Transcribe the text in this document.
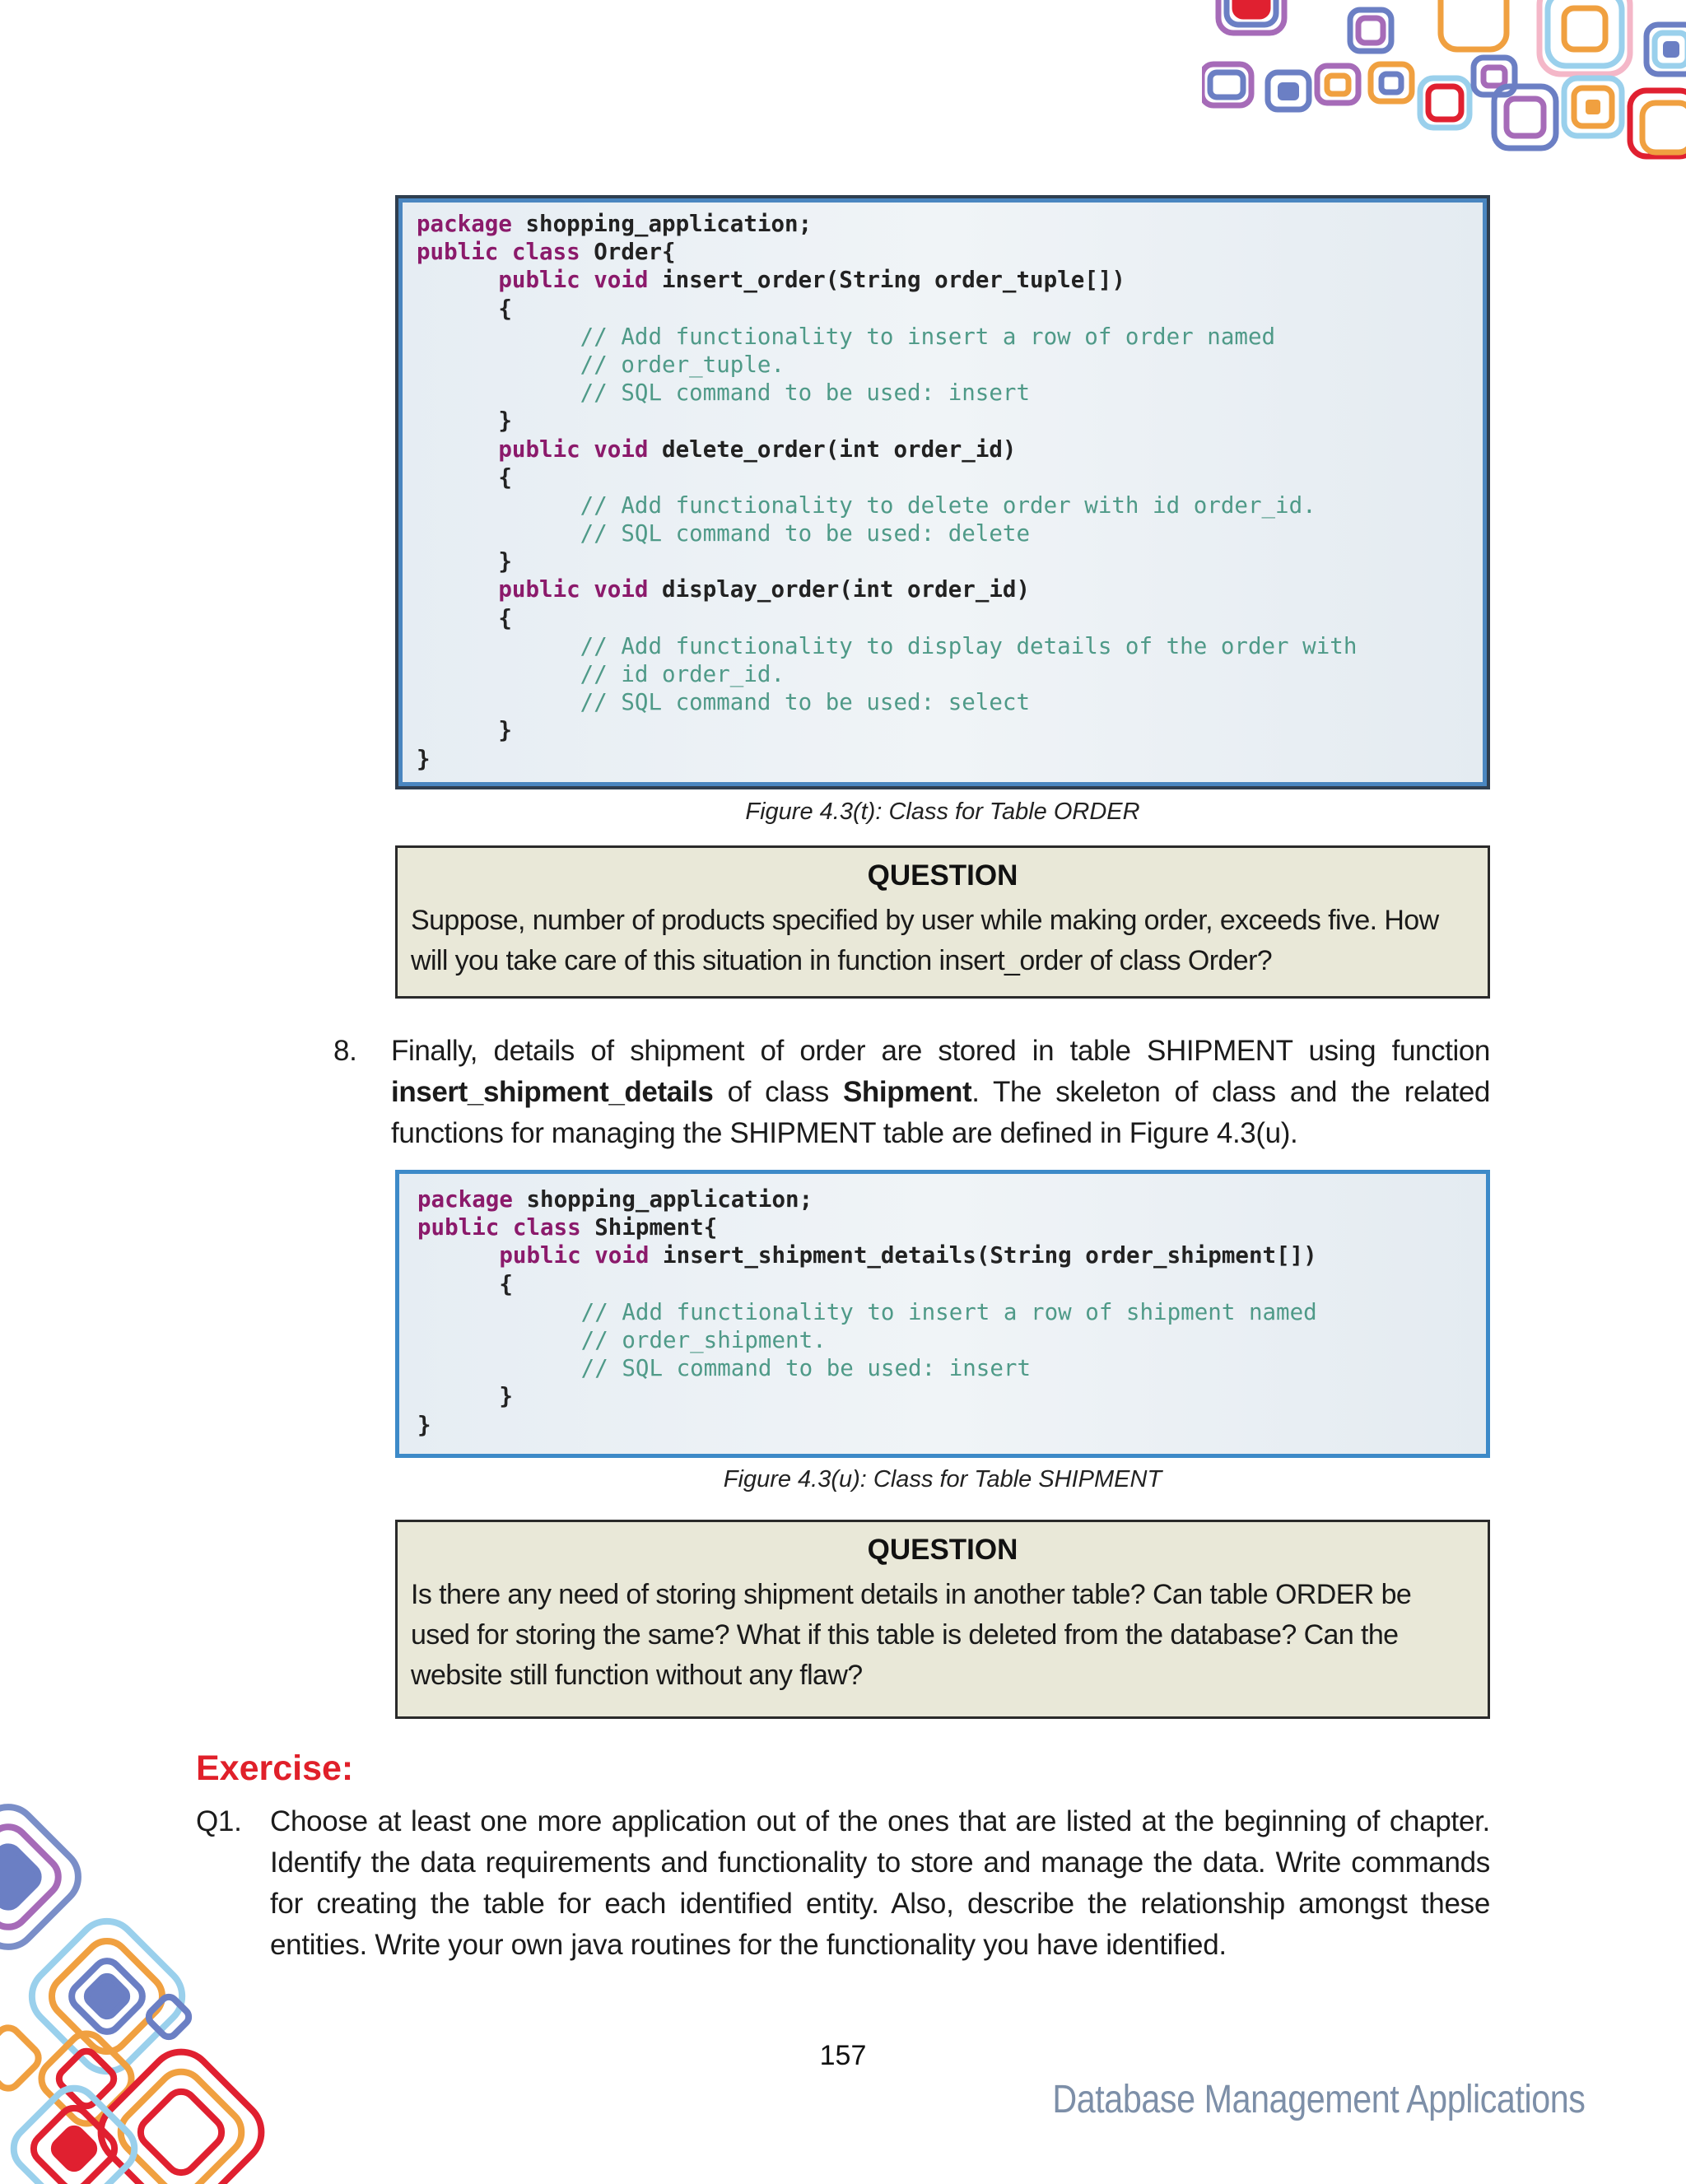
package shopping_application;
public class Order{
public void insert_order(String order_tuple[])
{
// Add functionality to insert a row of order named
// order_tuple.
// SQL command to be used: insert
}
public void delete_order(int order_id)
{
// Add functionality to delete order with id order_id.
// SQL command to be used: delete
}
public void display_order(int order_id)
{
// Add functionality to display details of the order with
// id order_id.
// SQL command to be used: select
}
}
Figure 4.3(t): Class for Table ORDER
QUESTION
Suppose, number of products specified by user while making order, exceeds five. How will you take care of this situation in function insert_order of class Order?
8. Finally, details of shipment of order are stored in table SHIPMENT using function insert_shipment_details of class Shipment. The skeleton of class and the related functions for managing the SHIPMENT table are defined in Figure 4.3(u).
package shopping_application;
public class Shipment{
public void insert_shipment_details(String order_shipment[])
{
// Add functionality to insert a row of shipment named
// order_shipment.
// SQL command to be used: insert
}
}
Figure 4.3(u): Class for Table SHIPMENT
QUESTION
Is there any need of storing shipment details in another table? Can table ORDER be used for storing the same? What if this table is deleted from the database? Can the website still function without any flaw?
Exercise:
Q1. Choose at least one more application out of the ones that are listed at the beginning of chapter. Identify the data requirements and functionality to store and manage the data. Write commands for creating the table for each identified entity. Also, describe the relationship amongst these entities. Write your own java routines for the functionality you have identified.
157
Database Management Applications
